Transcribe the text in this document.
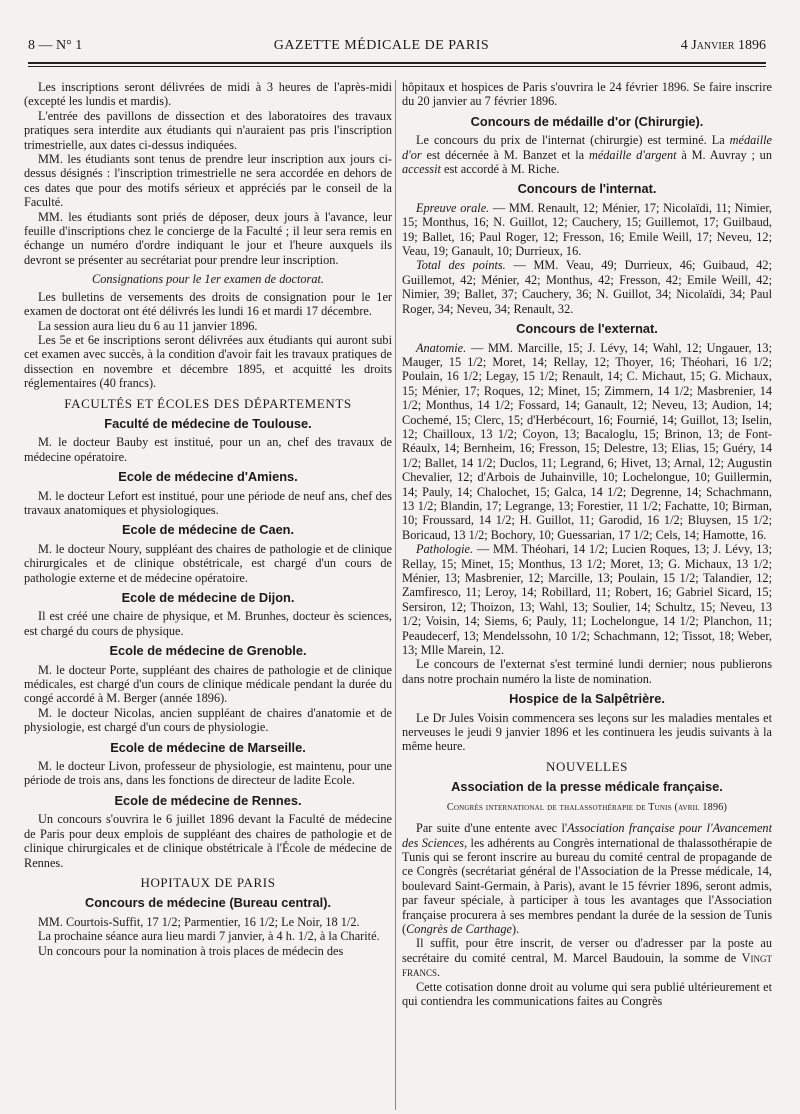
8 — N° 1	GAZETTE MÉDICALE DE PARIS	4 Janvier 1896

Les inscriptions seront délivrées de midi à 3 heures de l'après-midi (excepté les lundis et mardis).

L'entrée des pavillons de dissection et des laboratoires des travaux pratiques sera interdite aux étudiants qui n'auraient pas pris l'inscription trimestrielle, aux dates ci-dessus indiquées.

MM. les étudiants sont tenus de prendre leur inscription aux jours ci-dessus désignés : l'inscription trimestrielle ne sera accordée en dehors de ces dates que pour des motifs sérieux et appréciés par le conseil de la Faculté.

MM. les étudiants sont priés de déposer, deux jours à l'avance, leur feuille d'inscriptions chez le concierge de la Faculté ; il leur sera remis en échange un numéro d'ordre indiquant le jour et l'heure auxquels ils devront se présenter au secrétariat pour prendre leur inscription.

Consignations pour le 1er examen de doctorat.

Les bulletins de versements des droits de consignation pour le 1er examen de doctorat ont été délivrés les lundi 16 et mardi 17 décembre.

La session aura lieu du 6 au 11 janvier 1896.

Les 5e et 6e inscriptions seront délivrées aux étudiants qui auront subi cet examen avec succès, à la condition d'avoir fait les travaux pratiques de dissection en novembre et décembre 1895, et acquitté les droits réglementaires (40 francs).

FACULTÉS ET ÉCOLES DES DÉPARTEMENTS
Faculté de médecine de Toulouse.

M. le docteur Bauby est institué, pour un an, chef des travaux de médecine opératoire.

Ecole de médecine d'Amiens.

M. le docteur Lefort est institué, pour une période de neuf ans, chef des travaux anatomiques et physiologiques.

Ecole de médecine de Caen.

M. le docteur Noury, suppléant des chaires de pathologie et de clinique chirurgicales et de clinique obstétricale, est chargé d'un cours de pathologie externe et de médecine opératoire.

Ecole de médecine de Dijon.

Il est créé une chaire de physique, et M. Brunhes, docteur ès sciences, est chargé du cours de physique.

Ecole de médecine de Grenoble.

M. le docteur Porte, suppléant des chaires de pathologie et de clinique médicales, est chargé d'un cours de clinique médicale pendant la durée du congé accordé à M. Berger (année 1896).

M. le docteur Nicolas, ancien suppléant de chaires d'anatomie et de physiologie, est chargé d'un cours de physiologie.

Ecole de médecine de Marseille.

M. le docteur Livon, professeur de physiologie, est maintenu, pour une période de trois ans, dans les fonctions de directeur de ladite Ecole.

Ecole de médecine de Rennes.

Un concours s'ouvrira le 6 juillet 1896 devant la Faculté de médecine de Paris pour deux emplois de suppléant des chaires de pathologie et de clinique chirurgicales et de clinique obstétricale à l'École de médecine de Rennes.

HOPITAUX DE PARIS
Concours de médecine (Bureau central).

MM. Courtois-Suffit, 17 1/2; Parmentier, 16 1/2; Le Noir, 18 1/2.

La prochaine séance aura lieu mardi 7 janvier, à 4 h. 1/2, à la Charité.

Un concours pour la nomination à trois places de médecin des

hôpitaux et hospices de Paris s'ouvrira le 24 février 1896. Se faire inscrire du 20 janvier au 7 février 1896.

Concours de médaille d'or (Chirurgie).

Le concours du prix de l'internat (chirurgie) est terminé. La médaille d'or est décernée à M. Banzet et la médaille d'argent à M. Auvray ; un accessit est accordé à M. Riche.

Concours de l'internat.

Epreuve orale. — MM. Renault, 12; Ménier, 17; Nicolaïdi, 11; Nimier, 15; Monthus, 16; N. Guillot, 12; Cauchery, 15; Guillemot, 17; Guilbaud, 19; Ballet, 16; Paul Roger, 12; Fresson, 16; Emile Weill, 17; Neveu, 12; Veau, 19; Ganault, 10; Durrieux, 16.

Total des points. — MM. Veau, 49; Durrieux, 46; Guibaud, 42; Guillemot, 42; Ménier, 42; Monthus, 42; Fresson, 42; Emile Weill, 42; Nimier, 39; Ballet, 37; Cauchery, 36; N. Guillot, 34; Nicolaïdi, 34; Paul Roger, 34; Neveu, 34; Renault, 32.

Concours de l'externat.

Anatomie. — MM. Marcille, 15; J. Lévy, 14; Wahl, 12; Ungauer, 13; Mauger, 15 1/2; Moret, 14; Rellay, 12; Thoyer, 16; Théohari, 16 1/2; Poulain, 16 1/2; Legay, 15 1/2; Renault, 14; C. Michaut, 15; G. Michaux, 15; Ménier, 17; Roques, 12; Minet, 15; Zimmern, 14 1/2; Masbrenier, 14 1/2; Monthus, 14 1/2; Fossard, 14; Ganault, 12; Neveu, 13; Audion, 14; Cochemé, 15; Clerc, 15; d'Herbécourt, 16; Fournié, 14; Guillot, 13; Iselin, 12; Chailloux, 13 1/2; Coyon, 13; Bacaloglu, 15; Brinon, 13; de Font-Réaulx, 14; Bernheim, 16; Fresson, 15; Delestre, 13; Elias, 15; Guéry, 14 1/2; Ballet, 14 1/2; Duclos, 11; Legrand, 6; Hivet, 13; Arnal, 12; Augustin Chevalier, 12; d'Arbois de Juhainville, 10; Lochelongue, 10; Guillermin, 14; Pauly, 14; Chalochet, 15; Galca, 14 1/2; Degrenne, 14; Schachmann, 13 1/2; Blandin, 17; Legrange, 13; Forestier, 11 1/2; Fachatte, 10; Birman, 10; Froussard, 14 1/2; H. Guillot, 11; Garodid, 16 1/2; Bluysen, 15 1/2; Boricaud, 13 1/2; Bochory, 10; Guessarian, 17 1/2; Cels, 14; Hamotte, 16.

Pathologie. — MM. Théohari, 14 1/2; Lucien Roques, 13; J. Lévy, 13; Rellay, 15; Minet, 15; Monthus, 13 1/2; Moret, 13; G. Michaux, 13 1/2; Ménier, 13; Masbrenier, 12; Marcille, 13; Poulain, 15 1/2; Talandier, 12; Zamfiresco, 11; Leroy, 14; Robillard, 11; Robert, 16; Gabriel Sicard, 15; Sersiron, 12; Thoizon, 13; Wahl, 13; Soulier, 14; Schultz, 15; Neveu, 13 1/2; Voisin, 14; Siems, 6; Pauly, 11; Lochelongue, 14 1/2; Planchon, 11; Peaudecerf, 13; Mendelssohn, 10 1/2; Schachmann, 12; Tissot, 18; Weber, 13; Mlle Marein, 12.

Le concours de l'externat s'est terminé lundi dernier; nous publierons dans notre prochain numéro la liste de nomination.

Hospice de la Salpêtrière.

Le Dr Jules Voisin commencera ses leçons sur les maladies mentales et nerveuses le jeudi 9 janvier 1896 et les continuera les jeudis suivants à la même heure.

NOUVELLES
Association de la presse médicale française.
Congrès international de thalassothérapie de Tunis (avril 1896)

Par suite d'une entente avec l'Association française pour l'Avancement des Sciences, les adhérents au Congrès international de thalassothérapie de Tunis qui se feront inscrire au bureau du comité central de propagande de ce Congrès (secrétariat général de l'Association de la Presse médicale, 14, boulevard Saint-Germain, à Paris), avant le 15 février 1896, seront admis, par faveur spéciale, à participer à tous les avantages que l'Association française procurera à ses membres pendant la durée de la session de Tunis (Congrès de Carthage).

Il suffit, pour être inscrit, de verser ou d'adresser par la poste au secrétaire du comité central, M. Marcel Baudouin, la somme de Vingt francs.

Cette cotisation donne droit au volume qui sera publié ultérieurement et qui contiendra les communications faites au Congrès
